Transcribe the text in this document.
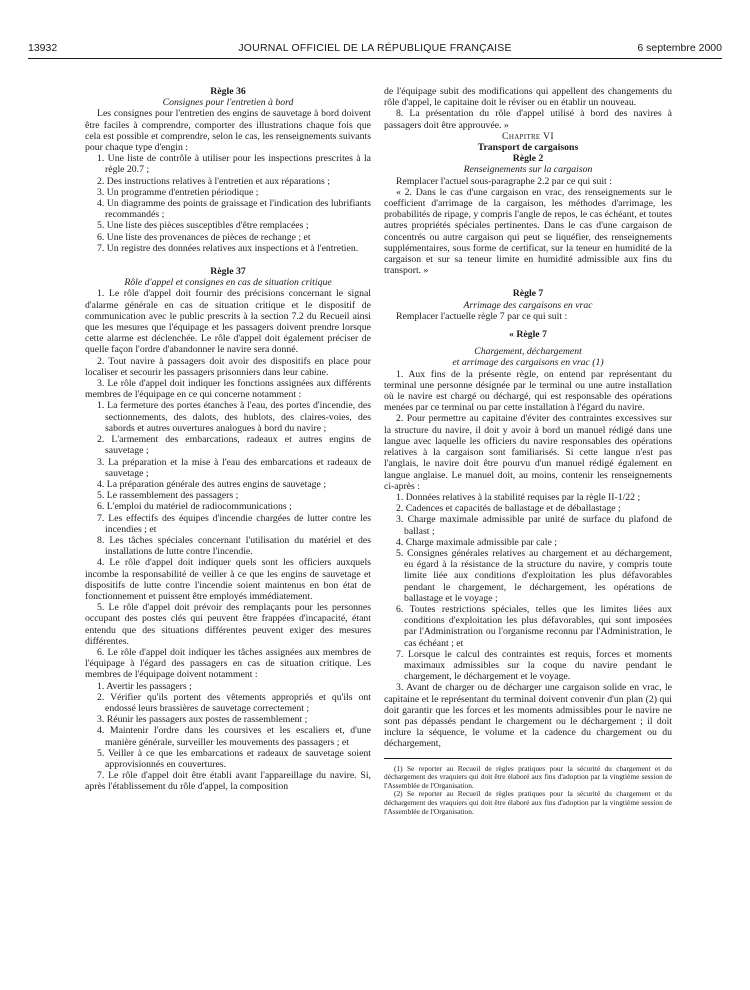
13932	JOURNAL OFFICIEL DE LA RÉPUBLIQUE FRANÇAISE	6 septembre 2000

Règle 36

Consignes pour l'entretien à bord

Les consignes pour l'entretien des engins de sauvetage à bord doivent être faciles à comprendre, comporter des illustrations chaque fois que cela est possible et comprendre, selon le cas, les renseignements suivants pour chaque type d'engin :

1. Une liste de contrôle à utiliser pour les inspections prescrites à la règle 20.7 ;

2. Des instructions relatives à l'entretien et aux réparations ;

3. Un programme d'entretien périodique ;

4. Un diagramme des points de graissage et l'indication des lubrifiants recommandés ;

5. Une liste des pièces susceptibles d'être remplacées ;

6. Une liste des provenances de pièces de rechange ; et

7. Un registre des données relatives aux inspections et à l'entretien.

Règle 37

Rôle d'appel et consignes en cas de situation critique

1. Le rôle d'appel doit fournir des précisions concernant le signal d'alarme générale en cas de situation critique et le dispositif de communication avec le public prescrits à la section 7.2 du Recueil ainsi que les mesures que l'équipage et les passagers doivent prendre lorsque cette alarme est déclenchée. Le rôle d'appel doit également préciser de quelle façon l'ordre d'abandonner le navire sera donné.

2. Tout navire à passagers doit avoir des dispositifs en place pour localiser et secourir les passagers prisonniers dans leur cabine.

3. Le rôle d'appel doit indiquer les fonctions assignées aux différents membres de l'équipage en ce qui concerne notamment :

1. La fermeture des portes étanches à l'eau, des portes d'incendie, des sectionnements, des dalots, des hublots, des claires-voies, des sabords et autres ouvertures analogues à bord du navire ;

2. L'armement des embarcations, radeaux et autres engins de sauvetage ;

3. La préparation et la mise à l'eau des embarcations et radeaux de sauvetage ;

4. La préparation générale des autres engins de sauvetage ;

5. Le rassemblement des passagers ;

6. L'emploi du matériel de radiocommunications ;

7. Les effectifs des équipes d'incendie chargées de lutter contre les incendies ; et

8. Les tâches spéciales concernant l'utilisation du matériel et des installations de lutte contre l'incendie.

4. Le rôle d'appel doit indiquer quels sont les officiers auxquels incombe la responsabilité de veiller à ce que les engins de sauvetage et dispositifs de lutte contre l'incendie soient maintenus en bon état de fonctionnement et puissent être employés immédiatement.

5. Le rôle d'appel doit prévoir des remplaçants pour les personnes occupant des postes clés qui peuvent être frappées d'incapacité, étant entendu que des situations différentes peuvent exiger des mesures différentes.

6. Le rôle d'appel doit indiquer les tâches assignées aux membres de l'équipage à l'égard des passagers en cas de situation critique. Les membres de l'équipage doivent notamment :

1. Avertir les passagers ;

2. Vérifier qu'ils portent des vêtements appropriés et qu'ils ont endossé leurs brassières de sauvetage correctement ;

3. Réunir les passagers aux postes de rassemblement ;

4. Maintenir l'ordre dans les coursives et les escaliers et, d'une manière générale, surveiller les mouvements des passagers ; et

5. Veiller à ce que les embarcations et radeaux de sauvetage soient approvisionnés en couvertures.

7. Le rôle d'appel doit être établi avant l'appareillage du navire. Si, après l'établissement du rôle d'appel, la composition

de l'équipage subit des modifications qui appellent des changements du rôle d'appel, le capitaine doit le réviser ou en établir un nouveau.

8. La présentation du rôle d'appel utilisé à bord des navires à passagers doit être approuvée. »

Chapitre VI

Transport de cargaisons

Règle 2

Renseignements sur la cargaison

Remplacer l'actuel sous-paragraphe 2.2 par ce qui suit :

« 2. Dans le cas d'une cargaison en vrac, des renseignements sur le coefficient d'arrimage de la cargaison, les méthodes d'arrimage, les probabilités de ripage, y compris l'angle de repos, le cas échéant, et toutes autres propriétés spéciales pertinentes. Dans le cas d'une cargaison de concentrés ou autre cargaison qui peut se liquéfier, des renseignements supplémentaires, sous forme de certificat, sur la teneur en humidité de la cargaison et sur sa teneur limite en humidité admissible aux fins du transport. »

Règle 7

Arrimage des cargaisons en vrac

Remplacer l'actuelle règle 7 par ce qui suit :

« Règle 7

Chargement, déchargement

et arrimage des cargaisons en vrac (1)

1. Aux fins de la présente règle, on entend par représentant du terminal une personne désignée par le terminal ou une autre installation où le navire est chargé ou déchargé, qui est responsable des opérations menées par ce terminal ou par cette installation à l'égard du navire.

2. Pour permettre au capitaine d'éviter des contraintes excessives sur la structure du navire, il doit y avoir à bord un manuel rédigé dans une langue avec laquelle les officiers du navire responsables des opérations relatives à la cargaison sont familiarisés. Si cette langue n'est pas l'anglais, le navire doit être pourvu d'un manuel rédigé également en langue anglaise. Le manuel doit, au moins, contenir les renseignements ci-après :

1. Données relatives à la stabilité requises par la règle II-1/22 ;

2. Cadences et capacités de ballastage et de déballastage ;

3. Charge maximale admissible par unité de surface du plafond de ballast ;

4. Charge maximale admissible par cale ;

5. Consignes générales relatives au chargement et au déchargement, eu égard à la résistance de la structure du navire, y compris toute limite liée aux conditions d'exploitation les plus défavorables pendant le chargement, le déchargement, les opérations de ballastage et le voyage ;

6. Toutes restrictions spéciales, telles que les limites liées aux conditions d'exploitation les plus défavorables, qui sont imposées par l'Administration ou l'organisme reconnu par l'Administration, le cas échéant ; et

7. Lorsque le calcul des contraintes est requis, forces et moments maximaux admissibles sur la coque du navire pendant le chargement, le déchargement et le voyage.

3. Avant de charger ou de décharger une cargaison solide en vrac, le capitaine et le représentant du terminal doivent convenir d'un plan (2) qui doit garantir que les forces et les moments admissibles pour le navire ne sont pas dépassés pendant le chargement ou le déchargement ; il doit inclure la séquence, le volume et la cadence du chargement ou du déchargement,

(1) Se reporter au Recueil de règles pratiques pour la sécurité du chargement et du déchargement des vraquiers qui doit être élaboré aux fins d'adoption par la vingtième session de l'Assemblée de l'Organisation.

(2) Se reporter au Recueil de règles pratiques pour la sécurité du chargement et du déchargement des vraquiers qui doit être élaboré aux fins d'adoption par la vingtième session de l'Assemblée de l'Organisation.
